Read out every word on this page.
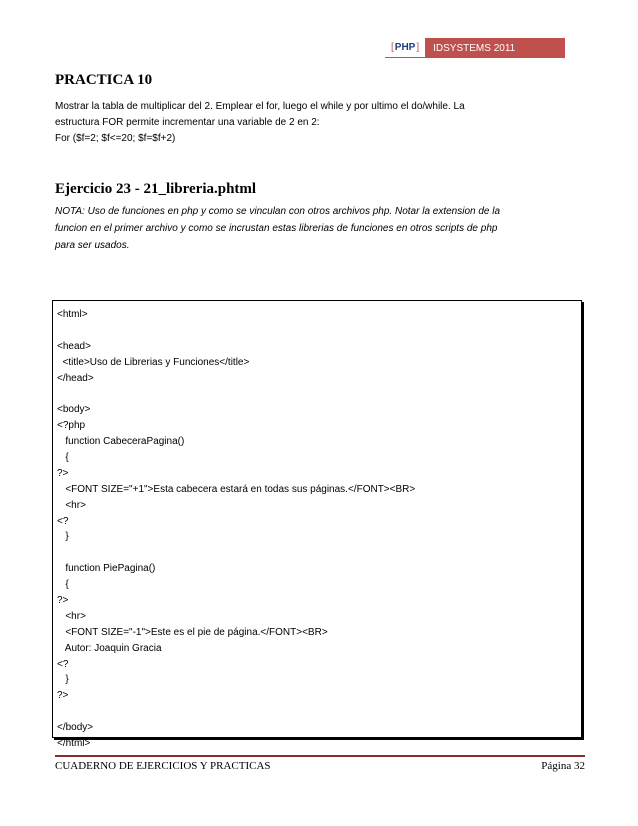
[ PHP ]	IDSYSTEMS 2011
PRACTICA 10

Mostrar la tabla de multiplicar del 2. Emplear el for, luego el while y por ultimo el do/while. La

estructura FOR permite incrementar una variable de 2 en 2:

For ($f=2; $f<=20; $f=$f+2)

Ejercicio 23 - 21_libreria.phtml

NOTA: Uso de funciones en php y como se vinculan con otros archivos php. Notar la extension de la
funcion en el primer archivo y como se incrustan estas librerias de funciones en otros scripts de php
para ser usados.

<html>
<head>
<title>Uso de Librerias y Funciones</title>
</head>
<body>
<?php
function CabeceraPagina()
{
?>
<FONT SIZE="+1">Esta cabecera estará en todas sus páginas.</FONT><BR>
<hr>
<?
}
function PiePagina()
{
?>
<hr>
<FONT SIZE="-1">Este es el pie de página.</FONT><BR>
Autor: Joaquin Gracia
<?
}
?>
</body>
</html>
CUADERNO DE EJERCICIOS Y PRACTICAS	Página 32
